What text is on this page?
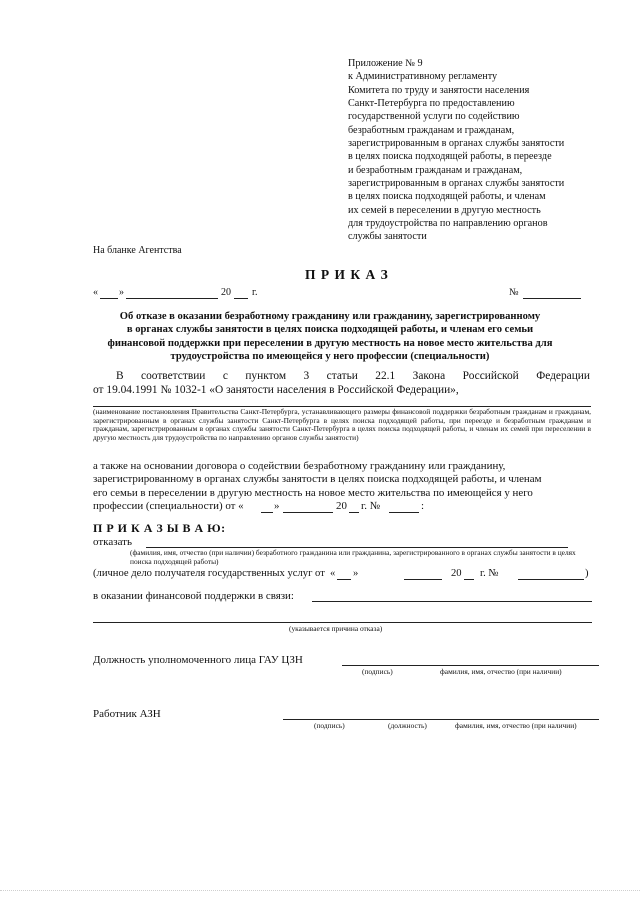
Приложение № 9
к Административному регламенту
Комитета по труду и занятости населения
Санкт-Петербурга по предоставлению
государственной услуги по содействию
безработным гражданам и гражданам,
зарегистрированным в органах службы занятости
в целях поиска подходящей работы, в переезде
и безработным гражданам и гражданам,
зарегистрированным в органах службы занятости
в целях поиска подходящей работы, и членам
их семей в переселении в другую местность
для трудоустройства по направлению органов
службы занятости
На бланке Агентства
П Р И К А З
« »	20 г.	№
Об отказе в оказании безработному гражданину или гражданину, зарегистрированному
в органах службы занятости в целях поиска подходящей работы, и членам его семьи
финансовой поддержки при переселении в другую местность на новое место жительства для
трудоустройства по имеющейся у него профессии (специальности)
В соответствии с пунктом 3 статьи 22.1 Закона Российской Федерации
от 19.04.1991 № 1032-1 «О занятости населения в Российской Федерации»,
(наименование постановления Правительства Санкт-Петербурга, устанавливающего размеры финансовой поддержки безработным гражданам и гражданам, зарегистрированным в органах службы занятости Санкт-Петербурга в целях поиска подходящей работы, при переезде и безработным гражданам и гражданам, зарегистрированным в органах службы занятости Санкт-Петербурга в целях поиска подходящей работы, и членам их семей при переселении в другую местность для трудоустройства по направлению органов службы занятости)
а также на основании договора о содействии безработному гражданину или гражданину,
зарегистрированному в органах службы занятости в целях поиска подходящей работы, и членам
его семьи в переселении в другую местность на новое место жительства по имеющейся у него
профессии (специальности) от «	»	20 г. №	:
П Р И К А З Ы В А Ю:
отказать
(фамилия, имя, отчество (при наличии) безработного гражданина или гражданина, зарегистрированного в органах службы занятости в целях поиска подходящей работы)
(личное дело получателя государственных услуг от « »	20 г. №	)
в оказании финансовой поддержки в связи:
(указывается причина отказа)
Должность уполномоченного лица ГАУ ЦЗН
(подпись)	фамилия, имя, отчество (при наличии)
Работник АЗН
(подпись)	(должность)	фамилия, имя, отчество (при наличии)
